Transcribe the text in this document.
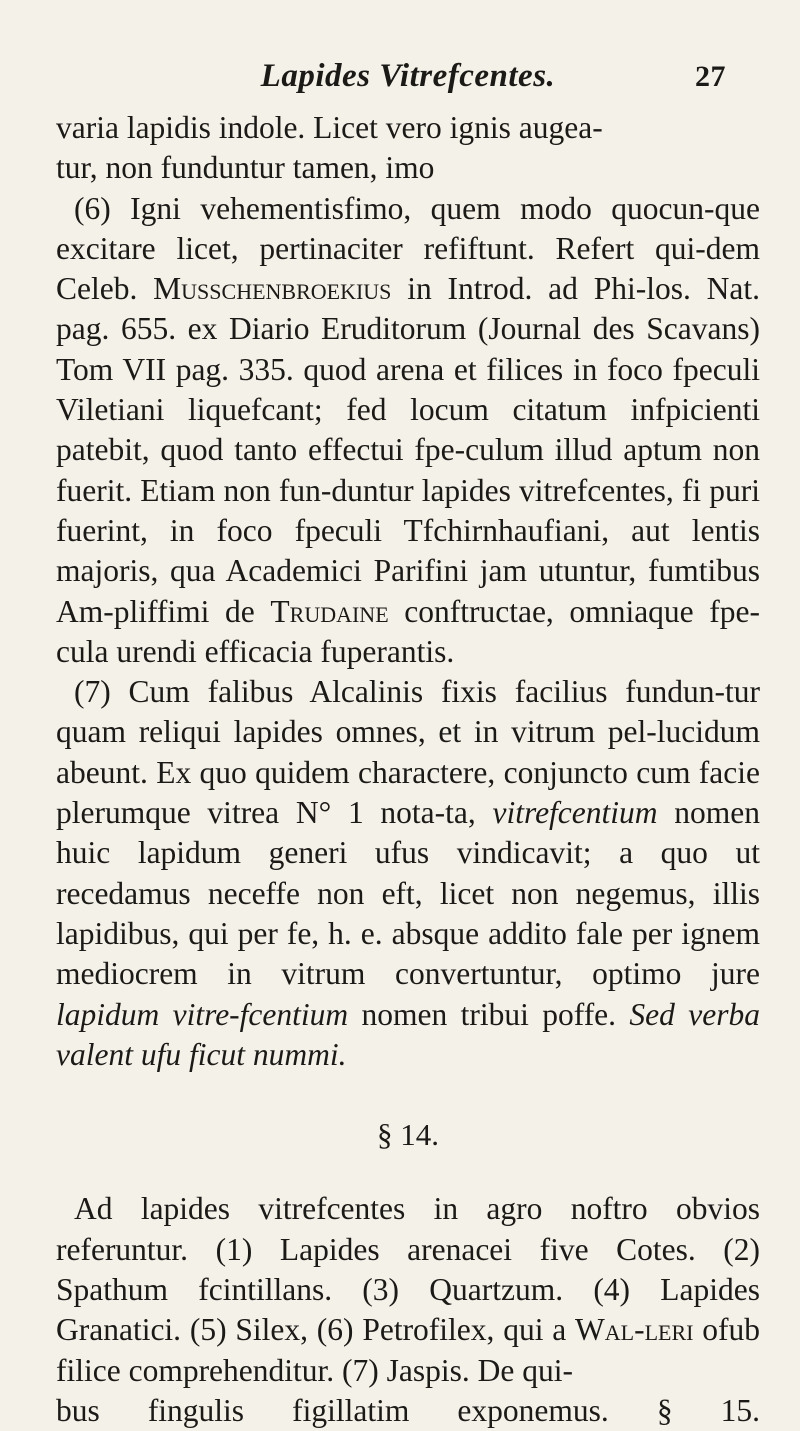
Lapides Vitrefcentes.	27

varia lapidis indole. Licet vero ignis augea-
tur, non funduntur tamen, imo

(6) Igni vehementisfimo, quem modo quocun-que excitare licet, pertinaciter refiftunt. Refert qui-dem Celeb. Musschenbroekius in Introd. ad Phi-los. Nat. pag. 655. ex Diario Eruditorum (Journal des Scavans) Tom VII pag. 335. quod arena et filices in foco fpeculi Viletiani liquefcant; fed locum citatum infpicienti patebit, quod tanto effectui fpe-culum illud aptum non fuerit. Etiam non fun-duntur lapides vitrefcentes, fi puri fuerint, in foco fpeculi Tfchirnhaufiani, aut lentis majoris, qua Academici Parifini jam utuntur, fumtibus Am-pliffimi de Trudaine conftructae, omniaque fpe-cula urendi efficacia fuperantis.

(7) Cum falibus Alcalinis fixis facilius fundun-tur quam reliqui lapides omnes, et in vitrum pel-lucidum abeunt. Ex quo quidem charactere, conjuncto cum facie plerumque vitrea N° 1 nota-ta, vitrefcentium nomen huic lapidum generi ufus vindicavit; a quo ut recedamus neceffe non eft, licet non negemus, illis lapidibus, qui per fe, h. e. absque addito fale per ignem mediocrem in vitrum convertuntur, optimo jure lapidum vitre-fcentium nomen tribui poffe. Sed verba valent ufu ficut nummi.

§ 14.

Ad lapides vitrefcentes in agro noftro obvios referuntur. (1) Lapides arenacei five Cotes. (2) Spathum fcintillans. (3) Quartzum. (4) Lapides Granatici. (5) Silex, (6) Petrofilex, qui a Wal-leri ofub filice comprehenditur. (7) Jaspis. De qui-

bus fingulis figillatim exponemus. § 15.
